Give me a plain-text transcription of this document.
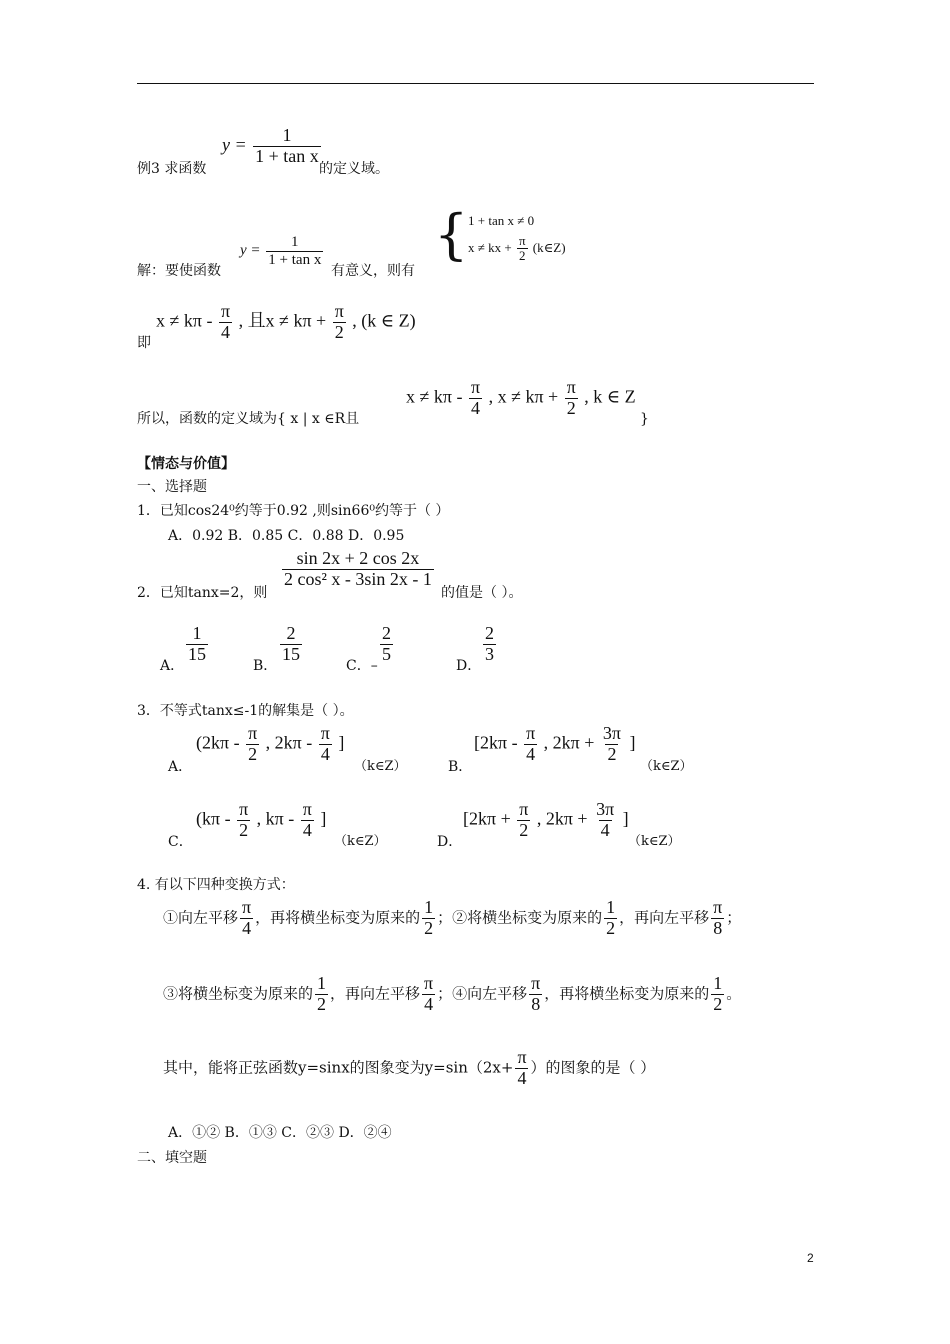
例3 求函数
$y = \frac{1}{\text{1 + tan x}}$
的定义域。
解：要使函数
$y = \frac{1}{\text{1 + tan x}}$
有意义，则有
{ 1 + tan x ≠ 0
x ≠ kx + $\frac{\pi}{2}$ (k∈Z)
即
$x \ne k\pi - \frac{\pi}{4}$ , 且$x \ne k\pi + \frac{\pi}{2}$ , (k ∈ Z)
所以，函数的定义域为{ x | x ∈R且
$x \ne k\pi - \frac{\pi}{4}$ , $x \ne k\pi + \frac{\pi}{2}$ , k ∈ Z
}
【情态与价值】
一、选择题
1．已知cos24⁰约等于0.92 ,则sin66⁰约等于（ ）
A．0.92 B．0.85 C．0.88 D．0.95
2．已知tanx=2，则
$\frac{\sin 2x + 2 \cos 2x}{\text{2 cos² x - 3sin 2x - 1}}$
的值是（ ）。
A．
$\frac{1}{15}$
B．
$\frac{2}{15}$
C．–
$\frac{2}{5}$
D．
$\frac{2}{3}$
3．不等式tanx≤-1的解集是（ ）。
A．
($2k\pi - \frac{\pi}{2}$ , $2k\pi - \frac{\pi}{4}$ ]
（k∈Z）	B．
[$2k\pi - \frac{\pi}{4}$ , $2k\pi + \frac{3\pi}{2}$ ]
（k∈Z）
C．
($k\pi - \frac{\pi}{2}$ , kπ - $\frac{\pi}{4}$ ]
（k∈Z）	D．
[$2k\pi + \frac{\pi}{2}$ , $2k\pi + \frac{3\pi}{4}$ ]
（k∈Z）
4. 有以下四种变换方式：
①向左平移 $\frac{\pi}{4}$ ，再将横坐标变为原来的 $\frac{1}{2}$ ；②将横坐标变为原来的 $\frac{1}{2}$ ，再向左平移 $\frac{\pi}{8}$ ；
③将横坐标变为原来的 $\frac{1}{2}$ ，再向左平移 $\frac{\pi}{4}$ ；④向左平移 $\frac{\pi}{8}$ ，再将横坐标变为原来的 $\frac{1}{2}$ 。
其中，能将正弦函数y=sinx的图象变为$y=\sin(2x+ \frac{\pi}{4}$ ）的图象的是（ ）
A．①② B．①③ C．②③ D．②④
二、填空题
2
